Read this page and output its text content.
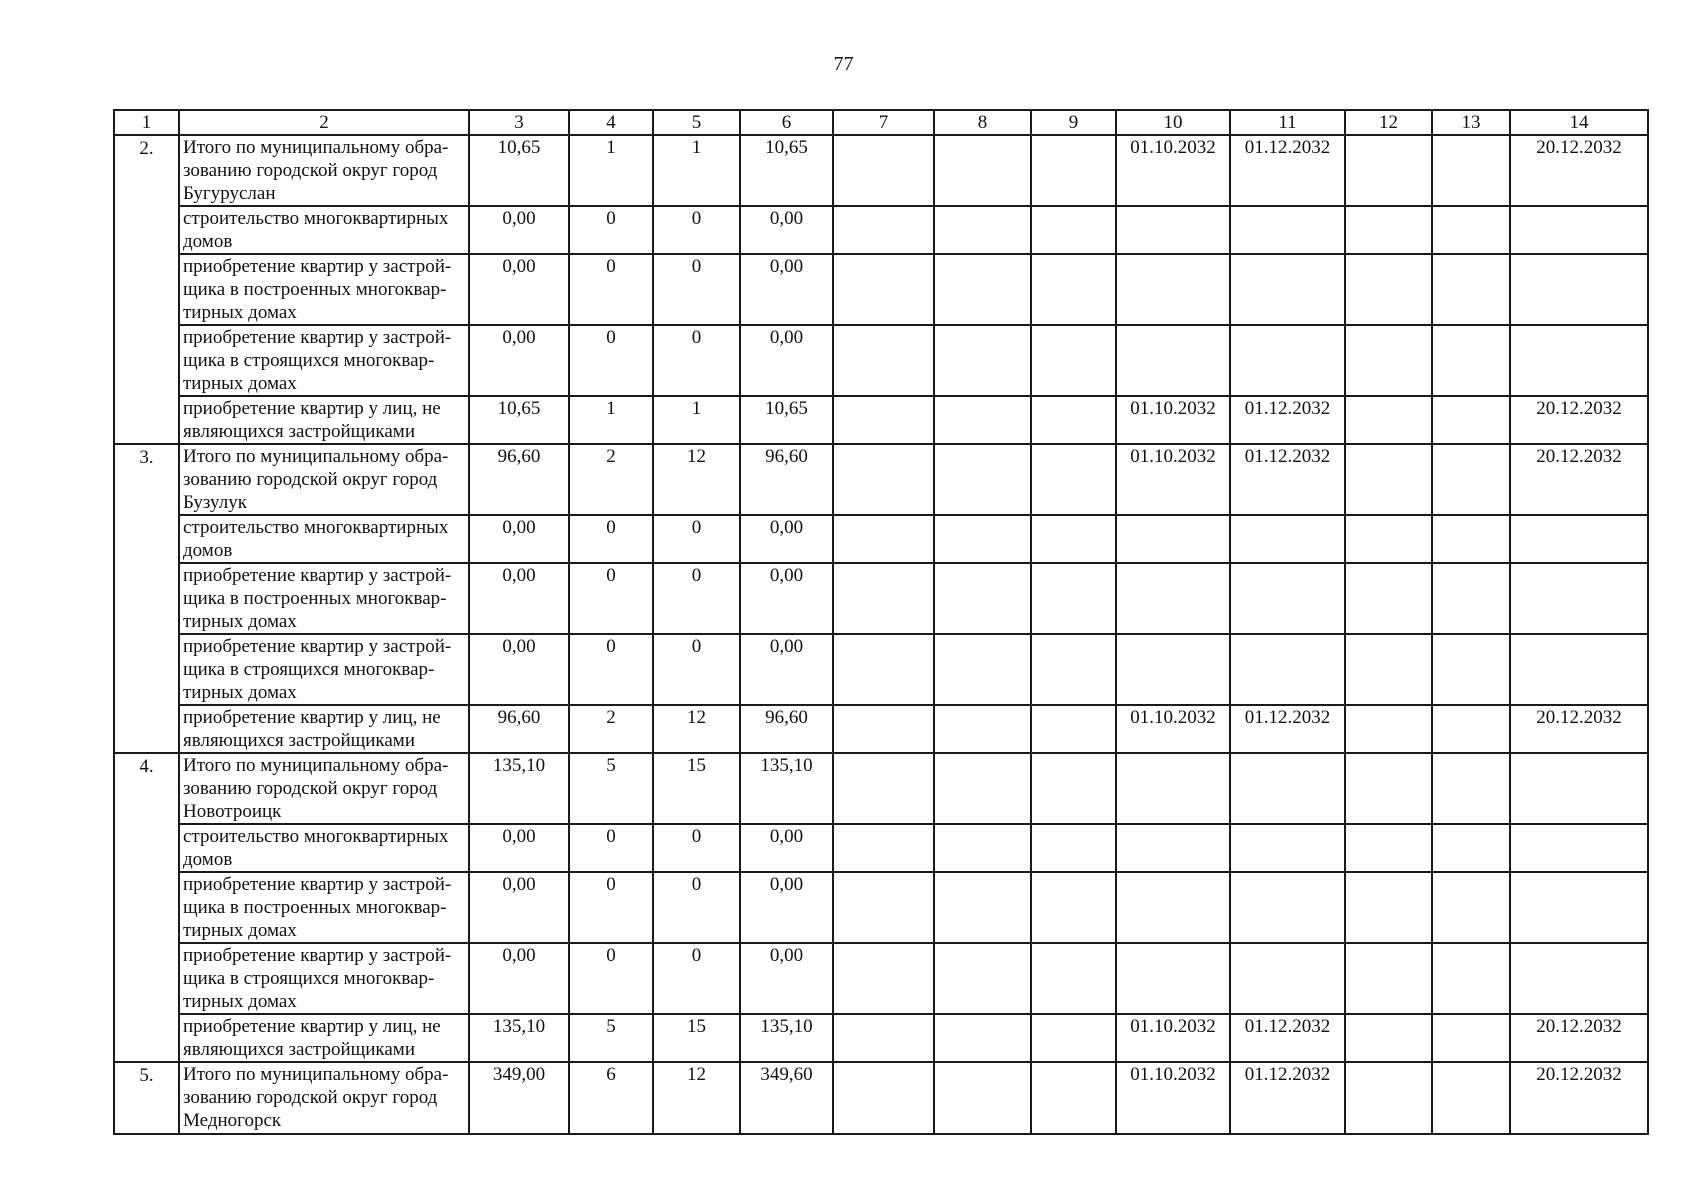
77
1	2	3	4	5	6	7	8	9	10	11	12	13	14
2.	Итого по муниципальному обра-зованию городской округ город Бугуруслан	10,65	1	1	10,65				01.10.2032	01.12.2032			20.12.2032
	строительство многоквартирных домов	0,00	0	0	0,00								
	приобретение квартир у застрой-щика в построенных многоквар-тирных домах	0,00	0	0	0,00								
	приобретение квартир у застрой-щика в строящихся многоквар-тирных домах	0,00	0	0	0,00								
	приобретение квартир у лиц, не являющихся застройщиками	10,65	1	1	10,65				01.10.2032	01.12.2032			20.12.2032
3.	Итого по муниципальному обра-зованию городской округ город Бузулук	96,60	2	12	96,60				01.10.2032	01.12.2032			20.12.2032
	строительство многоквартирных домов	0,00	0	0	0,00								
	приобретение квартир у застрой-щика в построенных многоквар-тирных домах	0,00	0	0	0,00								
	приобретение квартир у застрой-щика в строящихся многоквар-тирных домах	0,00	0	0	0,00								
	приобретение квартир у лиц, не являющихся застройщиками	96,60	2	12	96,60				01.10.2032	01.12.2032			20.12.2032
4.	Итого по муниципальному обра-зованию городской округ город Новотроицк	135,10	5	15	135,10								
	строительство многоквартирных домов	0,00	0	0	0,00								
	приобретение квартир у застрой-щика в построенных многоквар-тирных домах	0,00	0	0	0,00								
	приобретение квартир у застрой-щика в строящихся многоквар-тирных домах	0,00	0	0	0,00								
	приобретение квартир у лиц, не являющихся застройщиками	135,10	5	15	135,10				01.10.2032	01.12.2032			20.12.2032
5.	Итого по муниципальному обра-зованию городской округ город Медногорск	349,00	6	12	349,60				01.10.2032	01.12.2032			20.12.2032
